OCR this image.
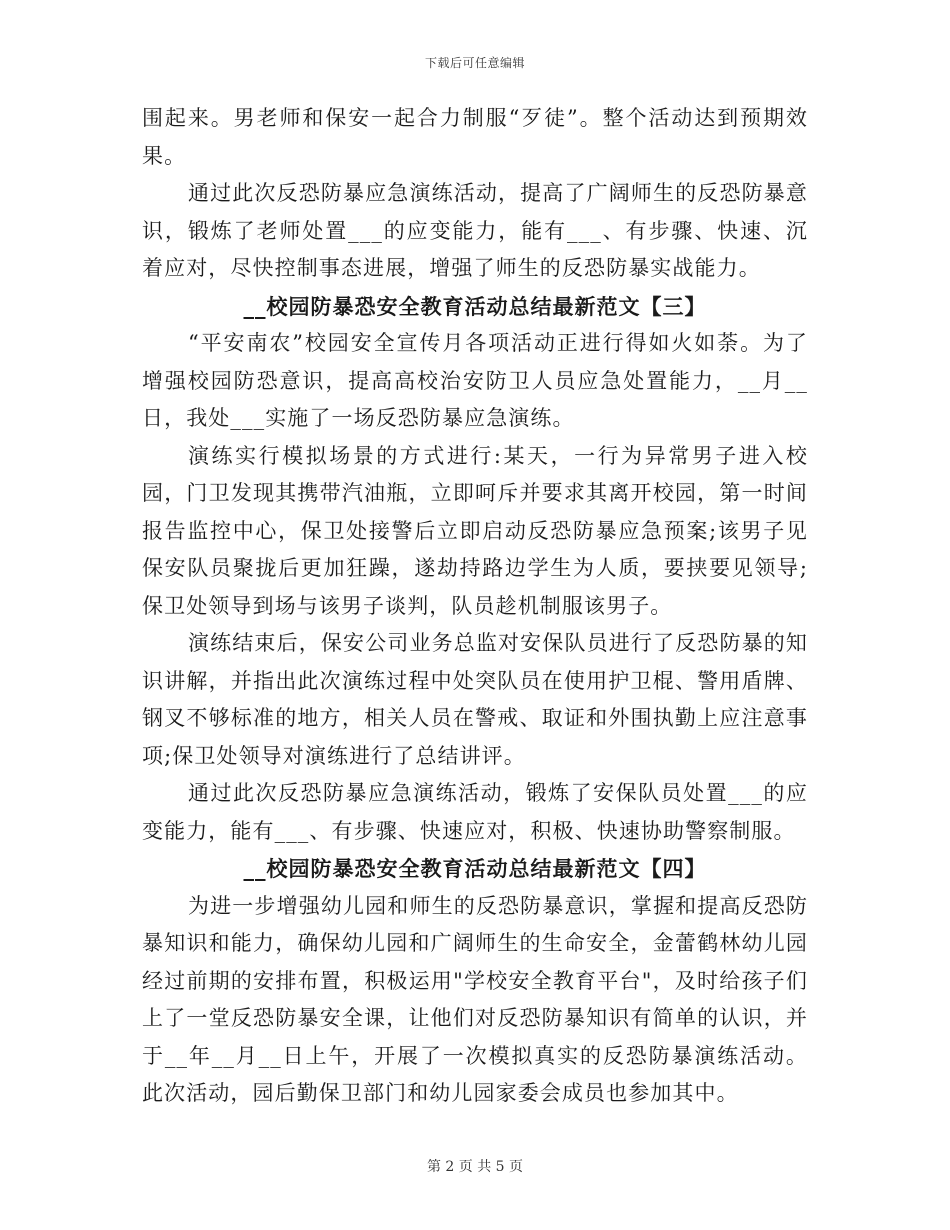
下载后可任意编辑

围起来。男老师和保安一起合力制服“歹徒”。整个活动达到预期效果。

通过此次反恐防暴应急演练活动，提高了广阔师生的反恐防暴意识，锻炼了老师处置___的应变能力，能有___、有步骤、快速、沉着应对，尽快控制事态进展，增强了师生的反恐防暴实战能力。

__校园防暴恐安全教育活动总结最新范文【三】

“平安南农”校园安全宣传月各项活动正进行得如火如荼。为了增强校园防恐意识，提高高校治安防卫人员应急处置能力，__月__日，我处___实施了一场反恐防暴应急演练。

演练实行模拟场景的方式进行:某天，一行为异常男子进入校园，门卫发现其携带汽油瓶，立即呵斥并要求其离开校园，第一时间报告监控中心，保卫处接警后立即启动反恐防暴应急预案;该男子见保安队员聚拢后更加狂躁，遂劫持路边学生为人质，要挟要见领导;保卫处领导到场与该男子谈判，队员趁机制服该男子。

演练结束后，保安公司业务总监对安保队员进行了反恐防暴的知识讲解，并指出此次演练过程中处突队员在使用护卫棍、警用盾牌、钢叉不够标准的地方，相关人员在警戒、取证和外围执勤上应注意事项;保卫处领导对演练进行了总结讲评。

通过此次反恐防暴应急演练活动，锻炼了安保队员处置___的应变能力，能有___、有步骤、快速应对，积极、快速协助警察制服。

__校园防暴恐安全教育活动总结最新范文【四】

为进一步增强幼儿园和师生的反恐防暴意识，掌握和提高反恐防暴知识和能力，确保幼儿园和广阔师生的生命安全，金蕾鹤林幼儿园经过前期的安排布置，积极运用"学校安全教育平台"，及时给孩子们上了一堂反恐防暴安全课，让他们对反恐防暴知识有简单的认识，并于__年__月__日上午，开展了一次模拟真实的反恐防暴演练活动。此次活动，园后勤保卫部门和幼儿园家委会成员也参加其中。

第 2 页 共 5 页
